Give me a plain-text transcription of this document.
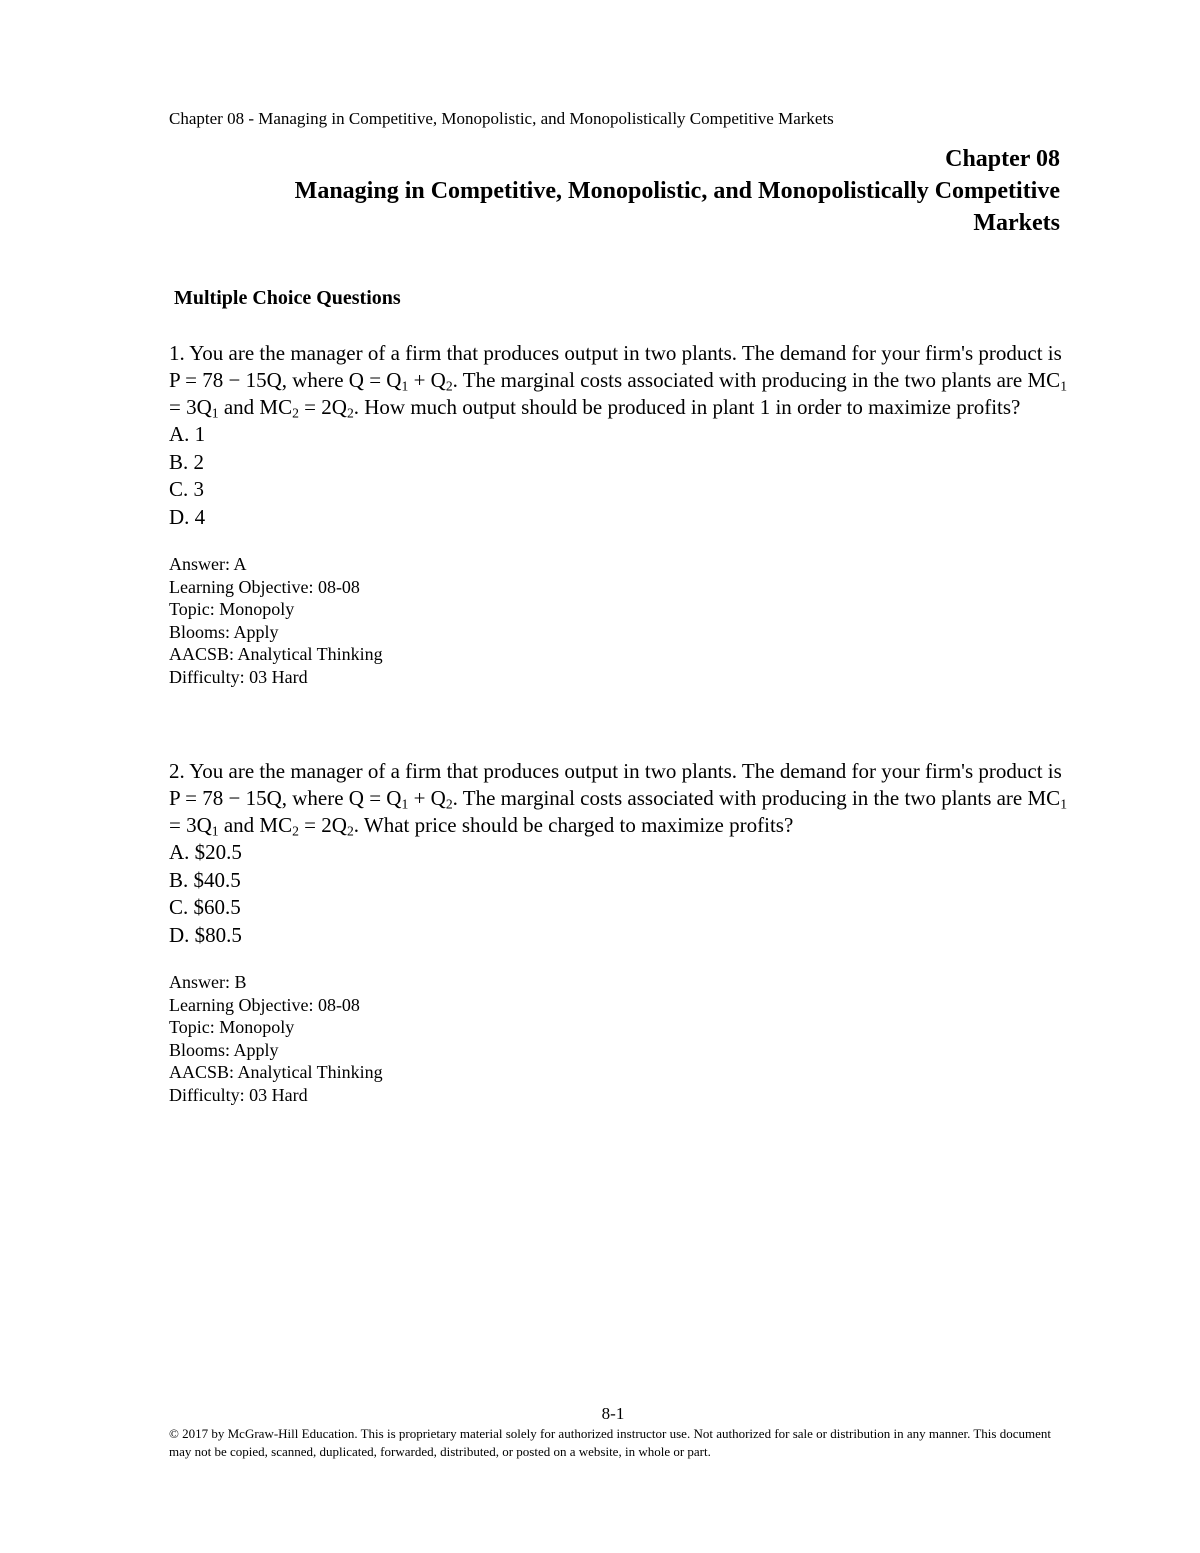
Chapter 08 - Managing in Competitive, Monopolistic, and Monopolistically Competitive Markets
Chapter 08
Managing in Competitive, Monopolistic, and Monopolistically Competitive
Markets
Multiple Choice Questions

1. You are the manager of a firm that produces output in two plants. The demand for your firm's product is P = 78 − 15Q, where $Q = Q_1 + Q_2$. The marginal costs associated with producing in the two plants are $MC_1 = 3Q_1$ and $MC_2 = 2Q_2$. How much output should be produced in plant 1 in order to maximize profits?

A. 1
B. 2
C. 3
D. 4
Answer: A
Learning Objective: 08-08
Topic: Monopoly
Blooms: Apply
AACSB: Analytical Thinking
Difficulty: 03 Hard

2. You are the manager of a firm that produces output in two plants. The demand for your firm's product is P = 78 − 15Q, where $Q = Q_1 + Q_2$. The marginal costs associated with producing in the two plants are $MC_1 = 3Q_1$ and $MC_2 = 2Q_2$. What price should be charged to maximize profits?

A. $20.5
B. $40.5
C. $60.5
D. $80.5
Answer: B
Learning Objective: 08-08
Topic: Monopoly
Blooms: Apply
AACSB: Analytical Thinking
Difficulty: 03 Hard
8-1
© 2017 by McGraw-Hill Education. This is proprietary material solely for authorized instructor use. Not authorized for sale or distribution in any manner. This document may not be copied, scanned, duplicated, forwarded, distributed, or posted on a website, in whole or part.
